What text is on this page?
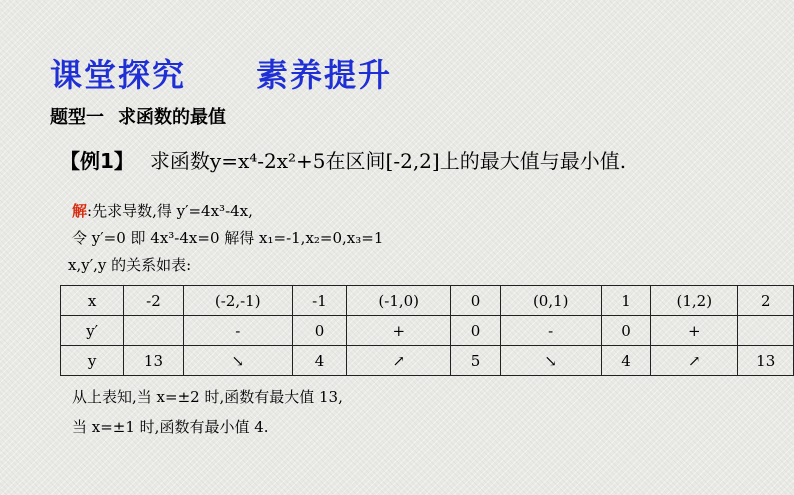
课堂探究 素养提升
题型一 求函数的最值
【例1】 求函数y=x⁴-2x²+5在区间[-2,2]上的最大值与最小值.
解:先求导数,得 y′=4x³-4x,
令 y′=0 即 4x³-4x=0 解得 x₁=-1,x₂=0,x₃=1
x,y′,y 的关系如表:
x	-2	(-2,-1)	-1	(-1,0)	0	(0,1)	1	(1,2)	2
y′		-	0	+	0	-	0	+	
y	13	↘	4	↗	5	↘	4	↗	13
从上表知,当 x=±2 时,函数有最大值 13,
当 x=±1 时,函数有最小值 4.
